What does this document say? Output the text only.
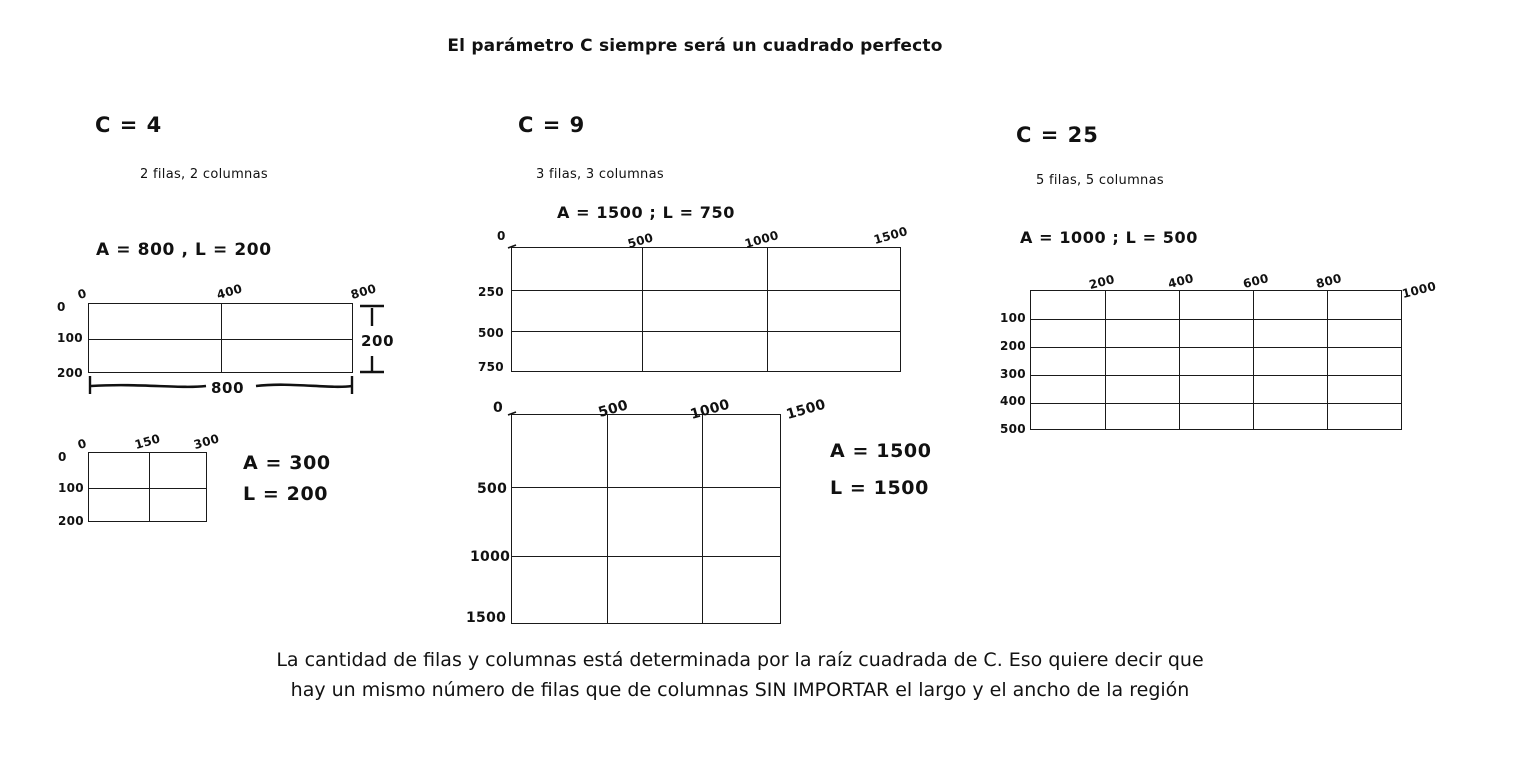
El parámetro C siempre será un cuadrado perfecto
C = 4
2 filas, 2 columnas
A = 800 , L = 200
0	400	800
0
100
200
800
200
0	150	300
0
100
200
A = 300
L = 200
C = 9
3 filas, 3 columnas
A = 1500 ; L = 750
0	500	1000	1500
250
500
750
0	500	1000	1500
500
1000
1500
A = 1500
L = 1500
C = 25
5 filas, 5 columnas
A = 1000 ; L = 500
200	400	600	800	1000
100
200
300
400
500
La cantidad de filas y columnas está determinada por la raíz cuadrada de C. Eso quiere decir que
hay un mismo número de filas que de columnas SIN IMPORTAR el largo y el ancho de la región
